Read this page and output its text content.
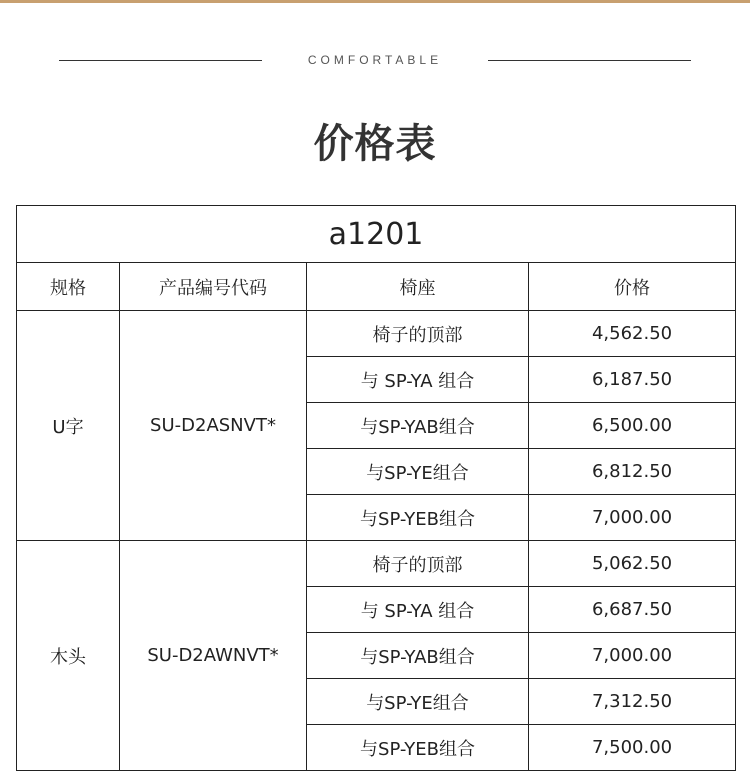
COMFORTABLE
价格表
a1201			
规格	产品编号代码	椅座	价格
U字	SU-D2ASNVT*	椅子的顶部	4,562.50
		与 SP-YA 组合	6,187.50
		与SP-YAB组合	6,500.00
		与SP-YE组合	6,812.50
		与SP-YEB组合	7,000.00
木头	SU-D2AWNVT*	椅子的顶部	5,062.50
		与 SP-YA 组合	6,687.50
		与SP-YAB组合	7,000.00
		与SP-YE组合	7,312.50
		与SP-YEB组合	7,500.00
